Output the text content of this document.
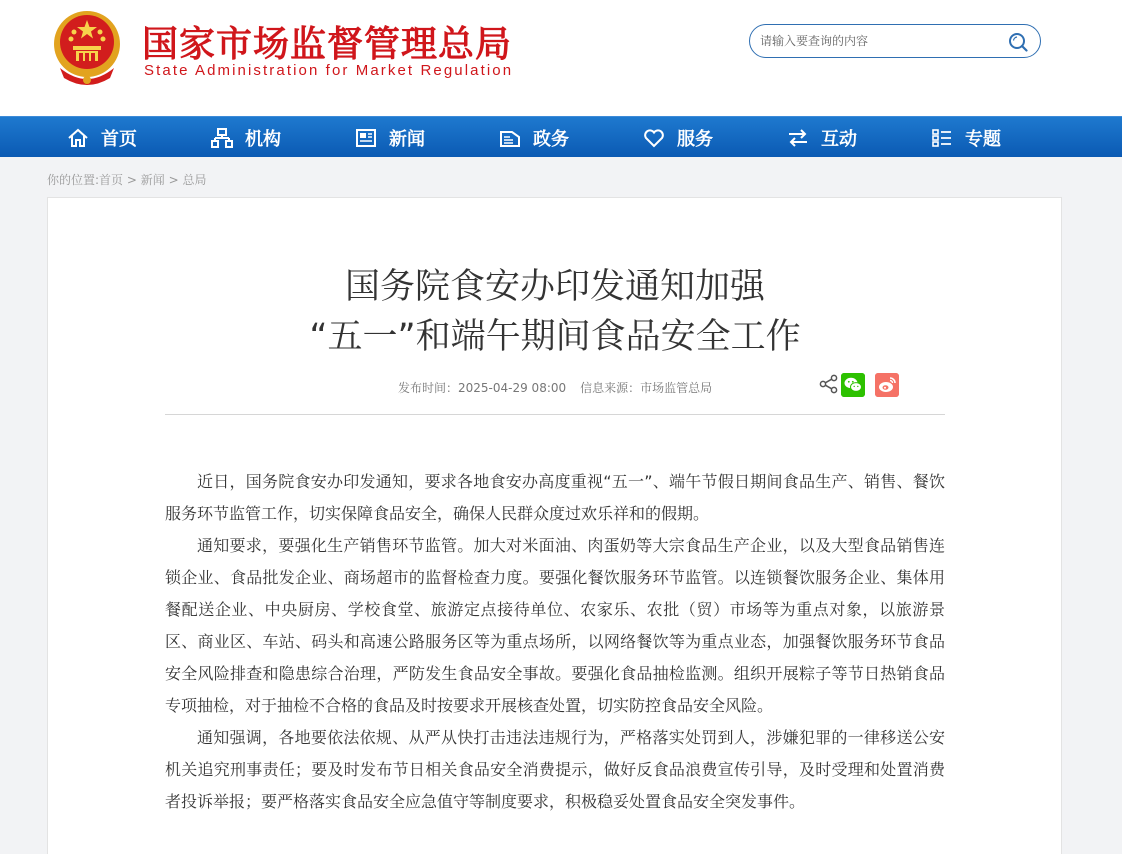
国家市场监督管理总局
State Administration for Market Regulation
请输入要查询的内容
首页	机构	新闻	政务	服务	互动	专题
你的位置:首页 > 新闻 > 总局
国务院食安办印发通知加强
“五一”和端午期间食品安全工作
发布时间：2025-04-29 08:00 信息来源：市场监管总局

近日，国务院食安办印发通知，要求各地食安办高度重视“五一”、端午节假日期间食品生产、销售、餐饮服务环节监管工作，切实保障食品安全，确保人民群众度过欢乐祥和的假期。

通知要求，要强化生产销售环节监管。加大对米面油、肉蛋奶等大宗食品生产企业，以及大型食品销售连锁企业、食品批发企业、商场超市的监督检查力度。要强化餐饮服务环节监管。以连锁餐饮服务企业、集体用餐配送企业、中央厨房、学校食堂、旅游定点接待单位、农家乐、农批（贸）市场等为重点对象，以旅游景区、商业区、车站、码头和高速公路服务区等为重点场所，以网络餐饮等为重点业态，加强餐饮服务环节食品安全风险排查和隐患综合治理，严防发生食品安全事故。要强化食品抽检监测。组织开展粽子等节日热销食品专项抽检，对于抽检不合格的食品及时按要求开展核查处置，切实防控食品安全风险。

通知强调，各地要依法依规、从严从快打击违法违规行为，严格落实处罚到人，涉嫌犯罪的一律移送公安机关追究刑事责任；要及时发布节日相关食品安全消费提示，做好反食品浪费宣传引导，及时受理和处置消费者投诉举报；要严格落实食品安全应急值守等制度要求，积极稳妥处置食品安全突发事件。
